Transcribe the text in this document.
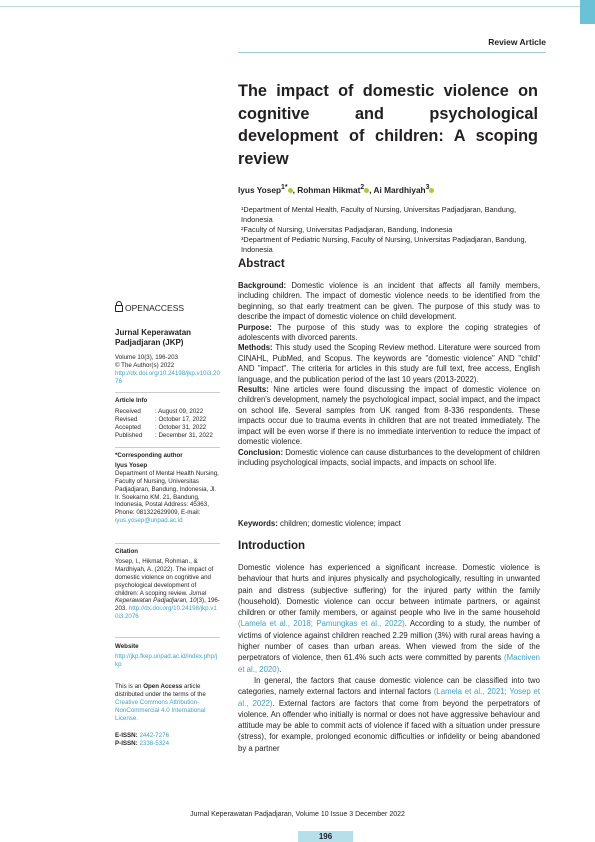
Review Article
The impact of domestic violence on cognitive and psychological development of children: A scoping review
Iyus Yosep$^{1*}$ , Rohman Hikmat$^2$ , Ai Mardhiyah$^3$
¹Department of Mental Health, Faculty of Nursing, Universitas Padjadjaran, Bandung, Indonesia
²Faculty of Nursing, Universitas Padjadjaran, Bandung, Indonesia
³Department of Pediatric Nursing, Faculty of Nursing, Universitas Padjadjaran, Bandung, Indonesia
Abstract

Background: Domestic violence is an incident that affects all family members, including children. The impact of domestic violence needs to be identified from the beginning, so that early treatment can be given. The purpose of this study was to describe the impact of domestic violence on child development.

Purpose: The purpose of this study was to explore the coping strategies of adolescents with divorced parents.

Methods: This study used the Scoping Review method. Literature were sourced from CINAHL, PubMed, and Scopus. The keywords are "domestic violence" AND "child" AND "impact". The criteria for articles in this study are full text, free access, English language, and the publication period of the last 10 years (2013-2022).

Results: Nine articles were found discussing the impact of domestic violence on children's development, namely the psychological impact, social impact, and the impact on school life. Several samples from UK ranged from 8-336 respondents. These impacts occur due to trauma events in children that are not treated immediately. The impact will be even worse if there is no immediate intervention to reduce the impact of domestic violence.

Conclusion: Domestic violence can cause disturbances to the development of children including psychological impacts, social impacts, and impacts on school life.

Keywords: children; domestic violence; impact
Introduction

Domestic violence has experienced a significant increase. Domestic violence is behaviour that hurts and injures physically and psychologically, resulting in unwanted pain and distress (subjective suffering) for the injured party within the family (household). Domestic violence can occur between intimate partners, or against children or other family members, or against people who live in the same household (Lamela et al., 2018; Pamungkas et al., 2022). According to a study, the number of victims of violence against children reached 2.29 million (3%) with rural areas having a higher number of cases than urban areas. When viewed from the side of the perpetrators of violence, then 61.4% such acts were committed by parents (Macniven et al., 2020).

In general, the factors that cause domestic violence can be classified into two categories, namely external factors and internal factors (Lamela et al., 2021; Yosep et al., 2022). External factors are factors that come from beyond the perpetrators of violence. An offender who initially is normal or does not have aggressive behaviour and attitude may be able to commit acts of violence if faced with a situation under pressure (stress), for example, prolonged economic difficulties or infidelity or being abandoned by a partner

OPENACCESS
Jurnal Keperawatan Padjadjaran (JKP)
Volume 10(3), 196-203
© The Author(s) 2022
http://dx.doi.org/10.24198/jkp.v10i3.2076
Article Info
Received	: August 09, 2022
Revised	: October 17, 2022
Accepted	: October 31, 2022
Published	: December 31, 2022
*Corresponding author
Iyus Yosep
Department of Mental Health Nursing, Faculty of Nursing, Universitas Padjadjaran, Bandung, Indonesia, Jl. Ir. Soekarno KM. 21, Bandung, Indonesia, Postal Address: 45363, Phone: 081322629909, E-mail: iyus.yosep@unpad.ac.id
Citation
Yosep, I., Hikmat, Rohman., & Mardhiyah, A. (2022). The impact of domestic violence on cognitive and psychological development of children: A scoping review. Jurnal Keperawatan Padjadjaran, 10(3), 196-203. http://dx.doi.org/10.24198/jkp.v10i3.2076
Website
http://jkp.fkep.unpad.ac.id/index.php/jkp
This is an Open Access article distributed under the terms of the Creative Commons Attribution-NonCommercial 4.0 International License.
E-ISSN: 2442-7276
P-ISSN: 2338-5324
Jurnal Keperawatan Padjadjaran, Volume 10 Issue 3 December 2022
196
